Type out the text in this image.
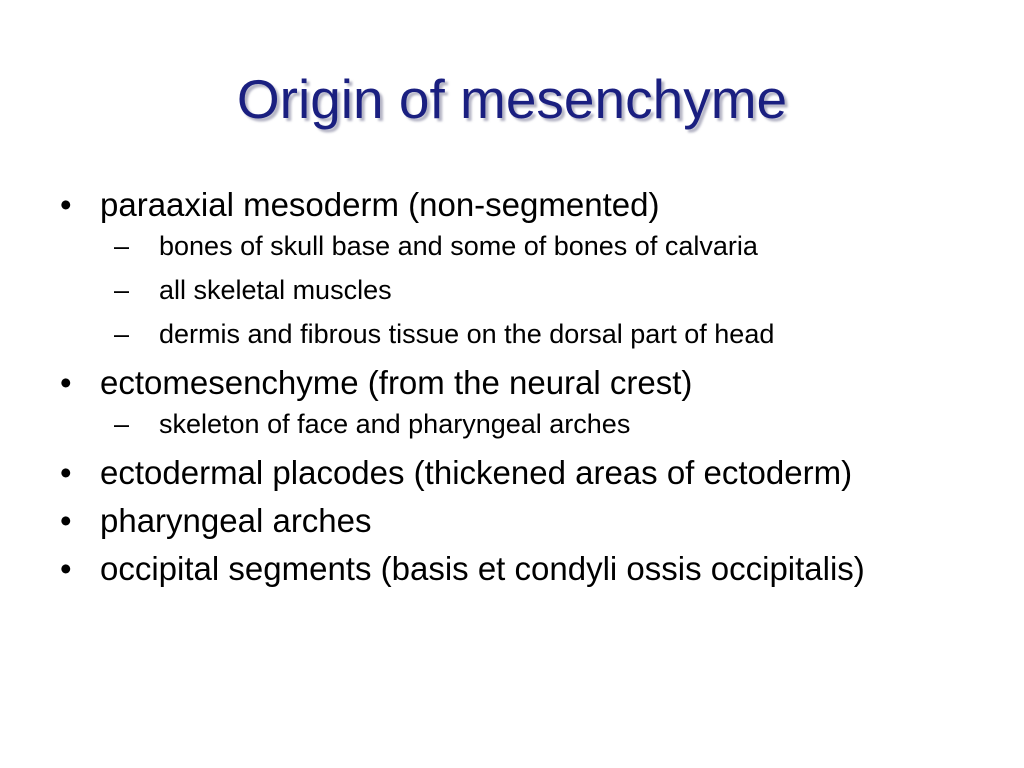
Origin of mesenchyme
• paraaxial mesoderm (non-segmented)
– bones of skull base and some of bones of calvaria
– all skeletal muscles
– dermis and fibrous tissue on the dorsal part of head
• ectomesenchyme (from the neural crest)
– skeleton of face and pharyngeal arches
• ectodermal placodes (thickened areas of ectoderm)
• pharyngeal arches
• occipital segments (basis et condyli ossis occipitalis)
